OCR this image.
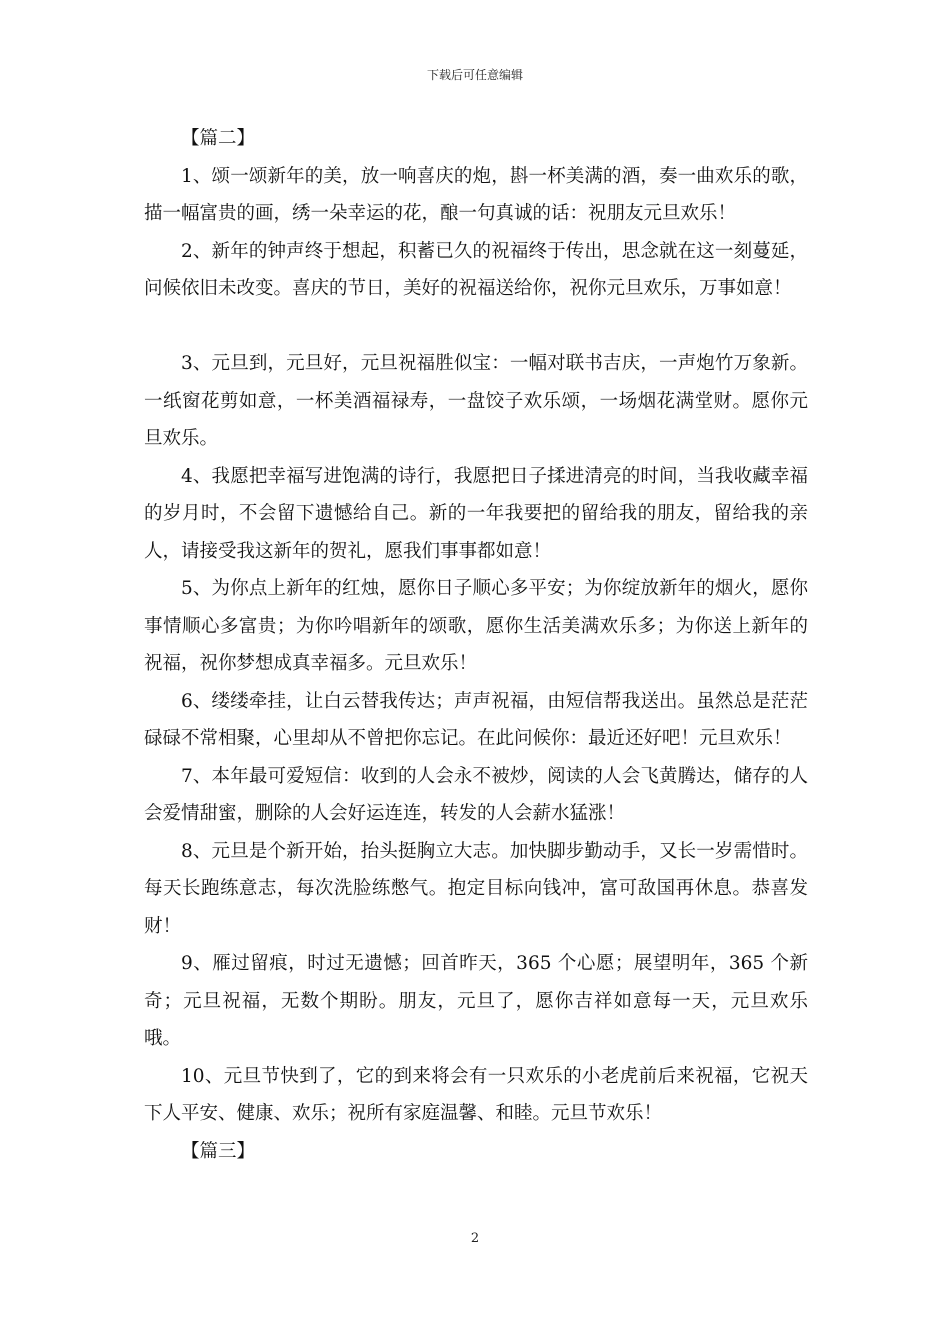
下载后可任意编辑

【篇二】

1、颂一颂新年的美，放一响喜庆的炮，斟一杯美满的酒，奏一曲欢乐的歌，描一幅富贵的画，绣一朵幸运的花，酿一句真诚的话：祝朋友元旦欢乐！

2、新年的钟声终于想起，积蓄已久的祝福终于传出，思念就在这一刻蔓延，问候依旧未改变。喜庆的节日，美好的祝福送给你，祝你元旦欢乐，万事如意！

3、元旦到，元旦好，元旦祝福胜似宝：一幅对联书吉庆，一声炮竹万象新。一纸窗花剪如意，一杯美酒福禄寿，一盘饺子欢乐颂，一场烟花满堂财。愿你元旦欢乐。

4、我愿把幸福写进饱满的诗行，我愿把日子揉进清亮的时间，当我收藏幸福的岁月时，不会留下遗憾给自己。新的一年我要把的留给我的朋友，留给我的亲人，请接受我这新年的贺礼，愿我们事事都如意！

5、为你点上新年的红烛，愿你日子顺心多平安；为你绽放新年的烟火，愿你事情顺心多富贵；为你吟唱新年的颂歌，愿你生活美满欢乐多；为你送上新年的祝福，祝你梦想成真幸福多。元旦欢乐！

6、缕缕牵挂，让白云替我传达；声声祝福，由短信帮我送出。虽然总是茫茫碌碌不常相聚，心里却从不曾把你忘记。在此问候你：最近还好吧！元旦欢乐！

7、本年最可爱短信：收到的人会永不被炒，阅读的人会飞黄腾达，储存的人会爱情甜蜜，删除的人会好运连连，转发的人会薪水猛涨！

8、元旦是个新开始，抬头挺胸立大志。加快脚步勤动手，又长一岁需惜时。每天长跑练意志，每次洗脸练憋气。抱定目标向钱冲，富可敌国再休息。恭喜发财！

9、雁过留痕，时过无遗憾；回首昨天，365 个心愿；展望明年，365 个新奇；元旦祝福，无数个期盼。朋友，元旦了，愿你吉祥如意每一天，元旦欢乐哦。

10、元旦节快到了，它的到来将会有一只欢乐的小老虎前后来祝福，它祝天下人平安、健康、欢乐；祝所有家庭温馨、和睦。元旦节欢乐！

【篇三】

2
